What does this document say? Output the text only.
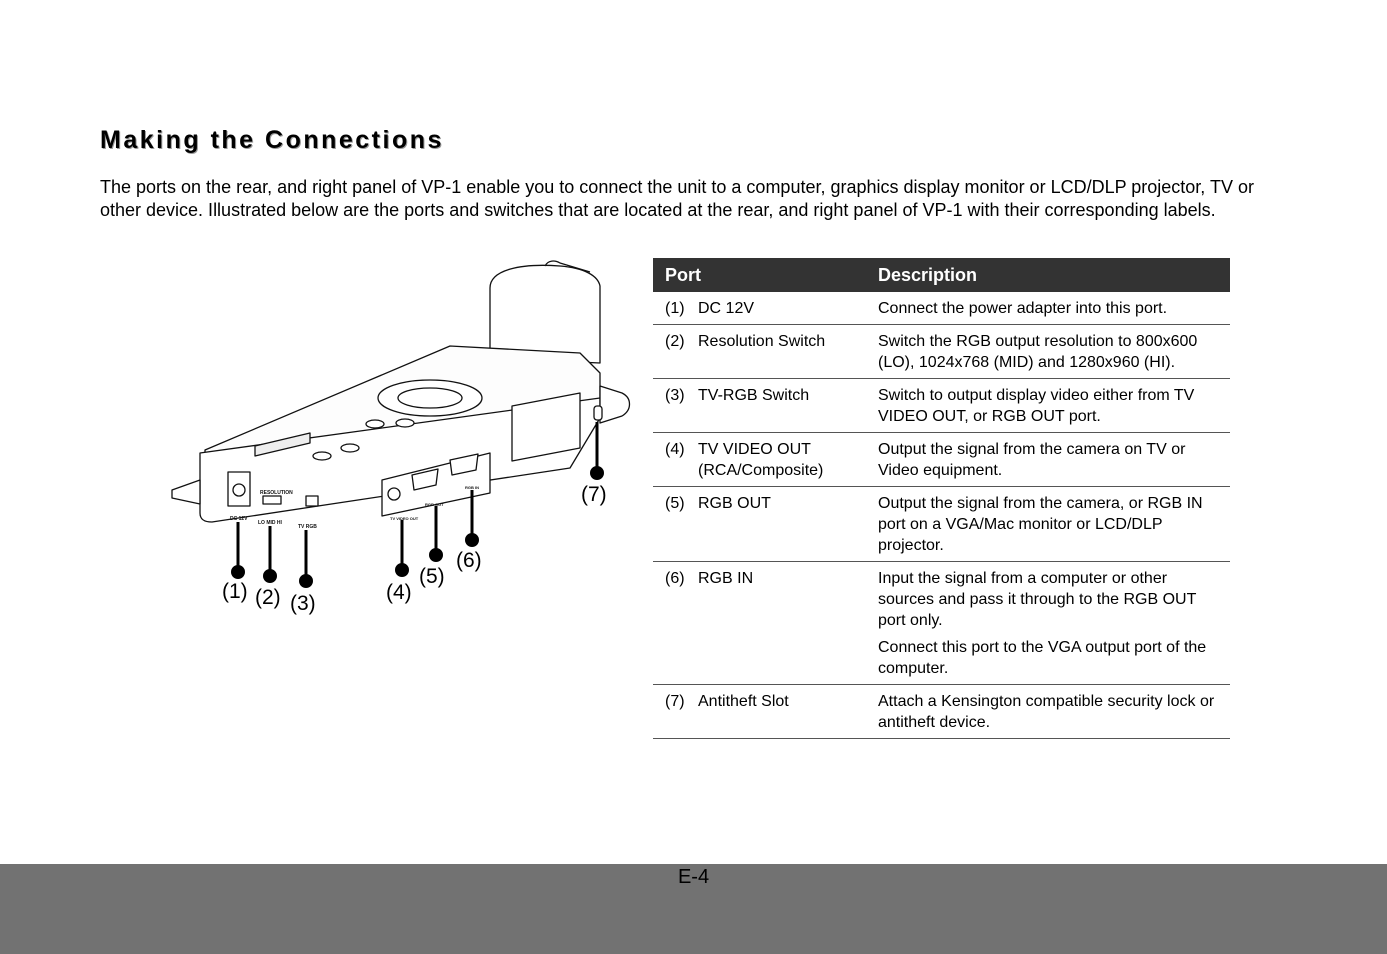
Making the Connections
The ports on the rear, and right panel of VP-1 enable you to connect the unit to a computer, graphics display monitor or LCD/DLP projector, TV or other device. Illustrated below are the ports and switches that are located at the rear, and right panel of VP-1 with their corresponding labels.
DC 12V
RESOLUTION
LO MID HI
TV RGB
TV VIDEO OUT
RGB OUT
RGB IN
(1) (2) (3)	(4)
(5)
(6)
(7)
Port	Description
(1) DC 12V	Connect the power adapter into this port.

(2) Resolution Switch	Switch the RGB output resolution to 800x600 (LO), 1024x768 (MID) and 1280x960 (HI).

(3) TV-RGB Switch	Switch to output display video either from TV VIDEO OUT, or RGB OUT port.

(4) TV VIDEO OUT (RCA/Composite)	Output the signal from the camera on TV or Video equipment.

(5) RGB OUT	Output the signal from the camera, or RGB IN port on a VGA/Mac monitor or LCD/DLP projector.

(6) RGB IN	Input the signal from a computer or other sources and pass it through to the RGB OUT port only.
Connect this port to the VGA output port of the computer.

(7) Antitheft Slot	Attach a Kensington compatible security lock or antitheft device.
E-4
